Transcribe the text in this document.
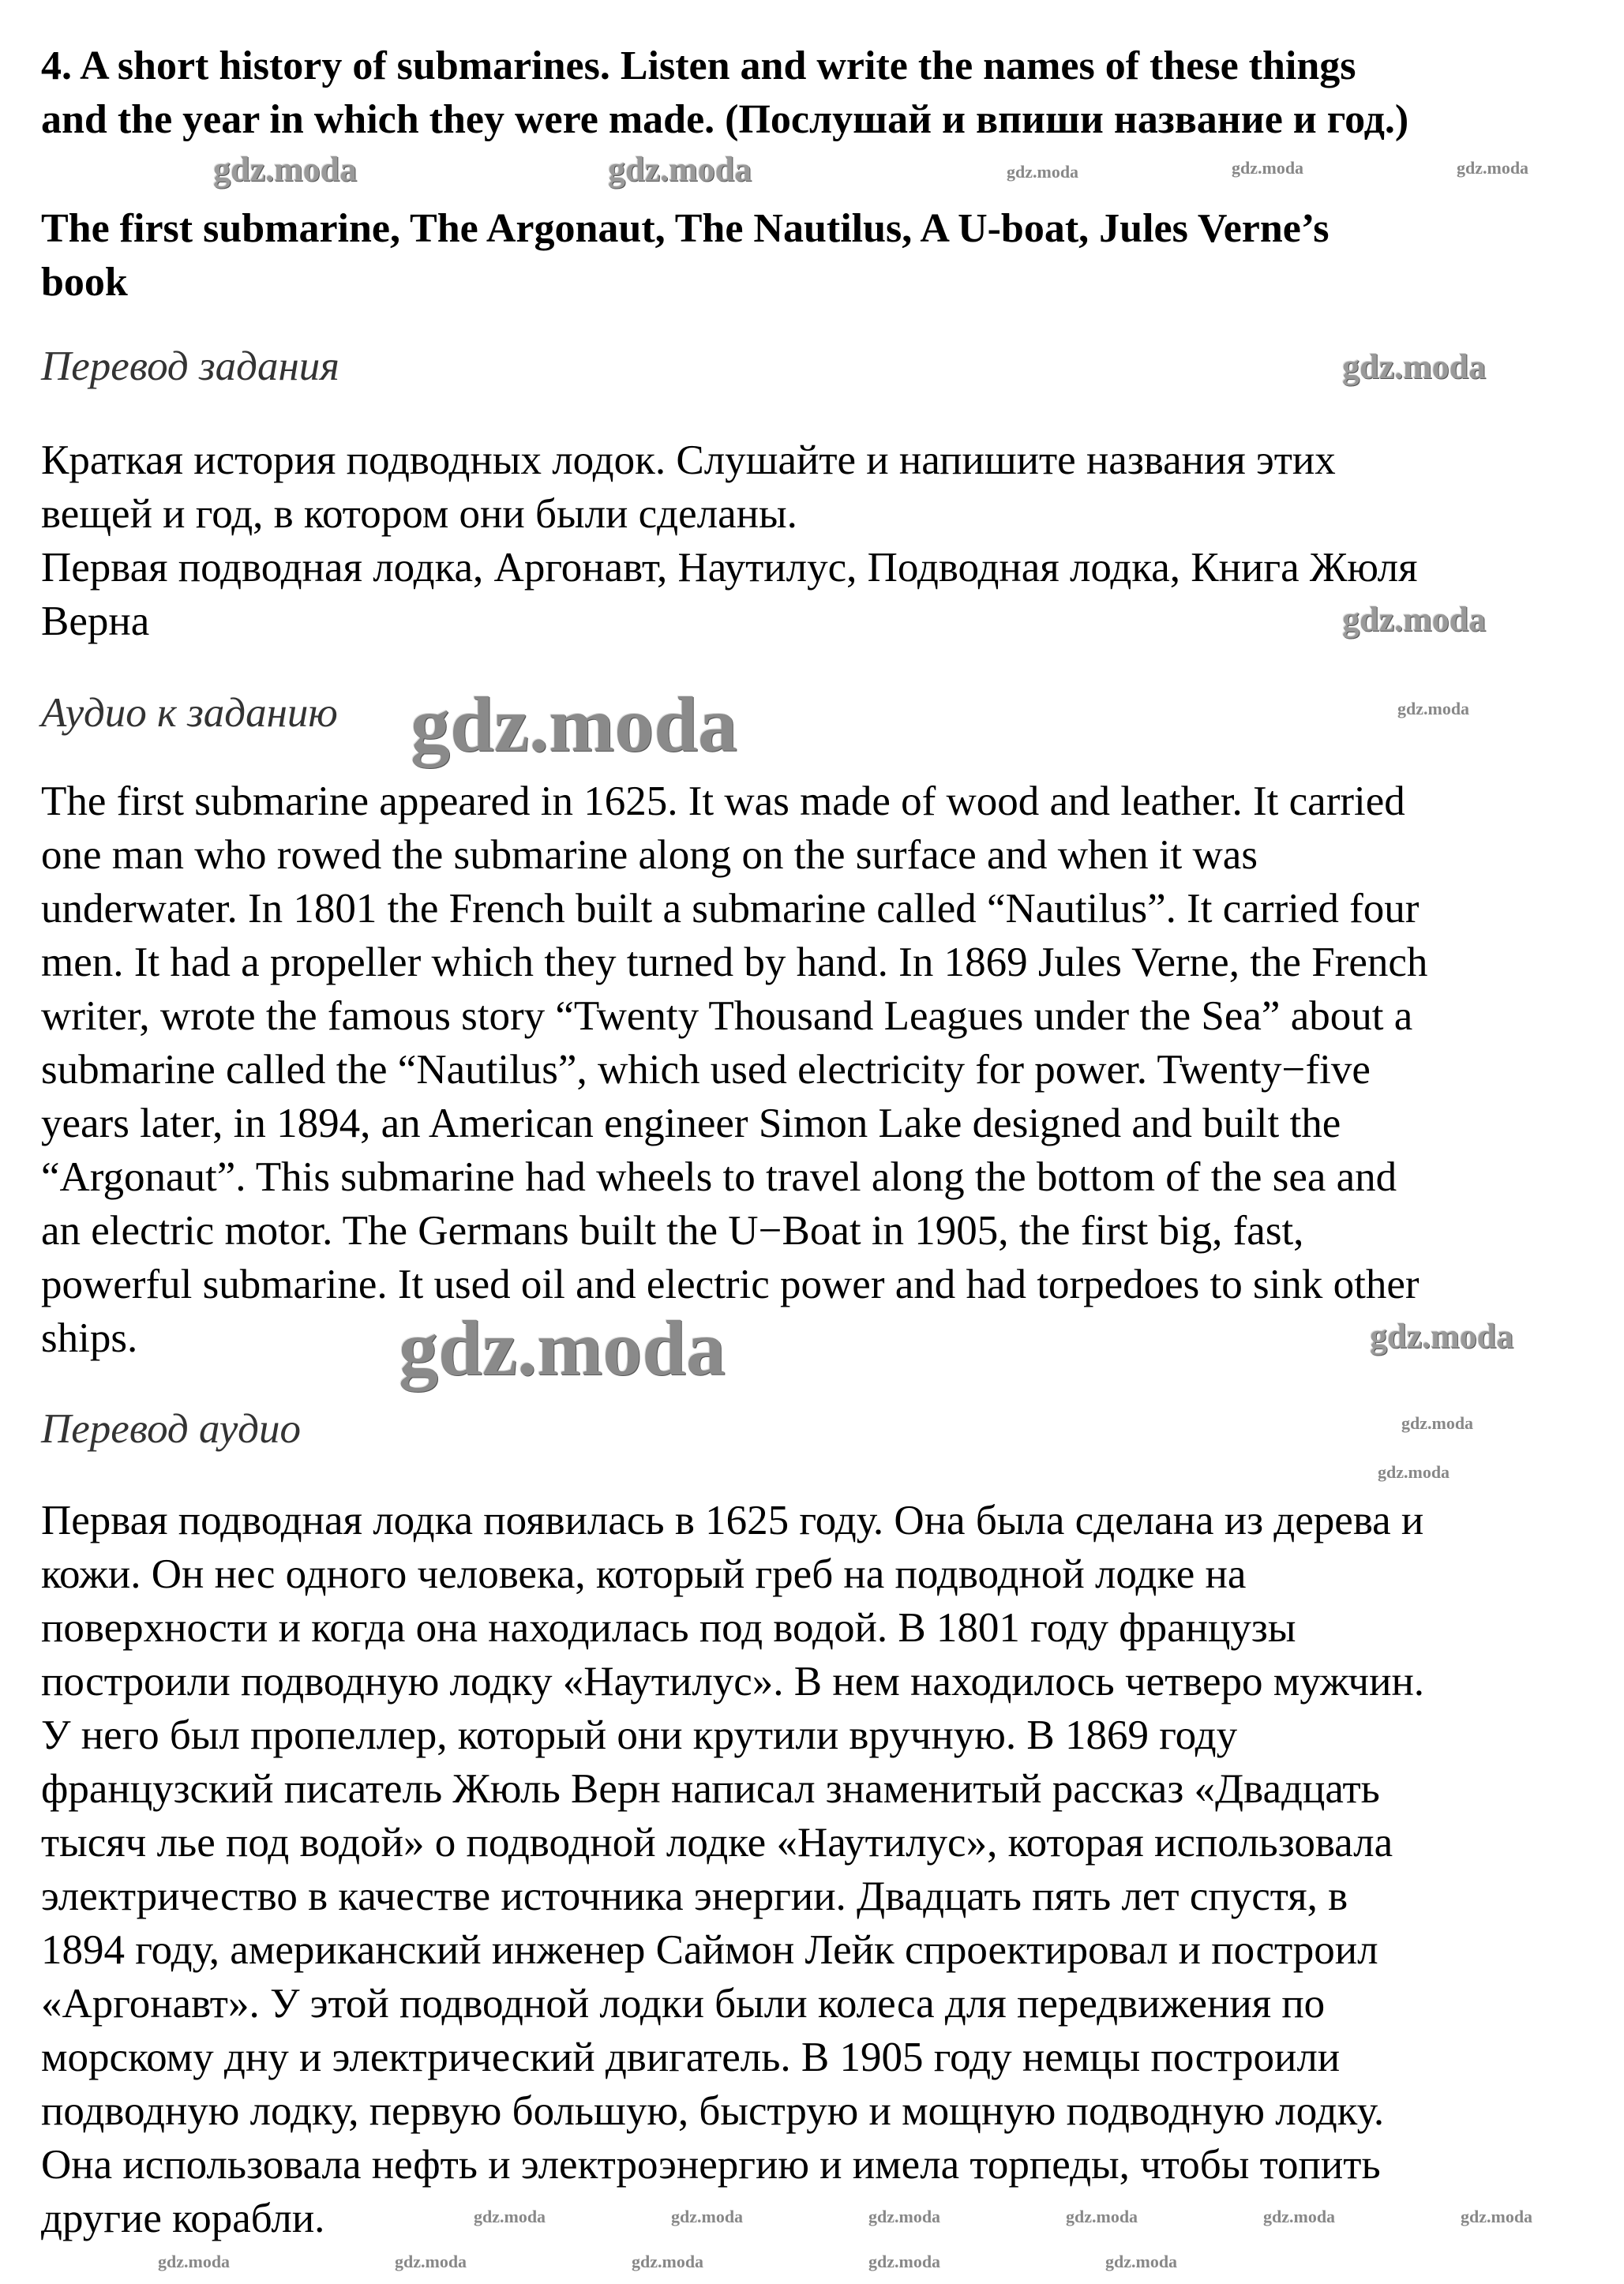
4. A short history of submarines. Listen and write the names of these things
and the year in which they were made. (Послушай и впиши название и год.)
The first submarine, The Argonaut, The Nautilus, A U-boat, Jules Verne’s
book
Перевод задания
Краткая история подводных лодок. Слушайте и напишите названия этих
вещей и год, в котором они были сделаны.
Первая подводная лодка, Аргонавт, Наутилус, Подводная лодка, Книга Жюля
Верна
Аудио к заданию
The first submarine appeared in 1625. It was made of wood and leather. It carried
one man who rowed the submarine along on the surface and when it was
underwater. In 1801 the French built a submarine called “Nautilus”. It carried four
men. It had a propeller which they turned by hand. In 1869 Jules Verne, the French
writer, wrote the famous story “Twenty Thousand Leagues under the Sea” about a
submarine called the “Nautilus”, which used electricity for power. Twenty−five
years later, in 1894, an American engineer Simon Lake designed and built the
“Argonaut”. This submarine had wheels to travel along the bottom of the sea and
an electric motor. The Germans built the U−Boat in 1905, the first big, fast,
powerful submarine. It used oil and electric power and had torpedoes to sink other
ships.
Перевод аудио
Первая подводная лодка появилась в 1625 году. Она была сделана из дерева и
кожи. Он нес одного человека, который греб на подводной лодке на
поверхности и когда она находилась под водой. В 1801 году французы
построили подводную лодку «Наутилус». В нем находилось четверо мужчин.
У него был пропеллер, который они крутили вручную. В 1869 году
французский писатель Жюль Верн написал знаменитый рассказ «Двадцать
тысяч лье под водой» о подводной лодке «Наутилус», которая использовала
электричество в качестве источника энергии. Двадцать пять лет спустя, в
1894 году, американский инженер Саймон Лейк спроектировал и построил
«Аргонавт». У этой подводной лодки были колеса для передвижения по
морскому дну и электрический двигатель. В 1905 году немцы построили
подводную лодку, первую большую, быструю и мощную подводную лодку.
Она использовала нефть и электроэнергию и имела торпеды, чтобы топить
другие корабли.
gdz.moda	gdz.moda	gdz.moda	gdz.moda	gdz.moda
gdz.moda
gdz.moda
gdz.moda	gdz.moda
gdz.moda
gdz.moda
gdz.moda
gdz.moda
gdz.moda	gdz.moda	gdz.moda	gdz.moda	gdz.moda	gdz.moda
gdz.moda	gdz.moda	gdz.moda	gdz.moda	gdz.moda
